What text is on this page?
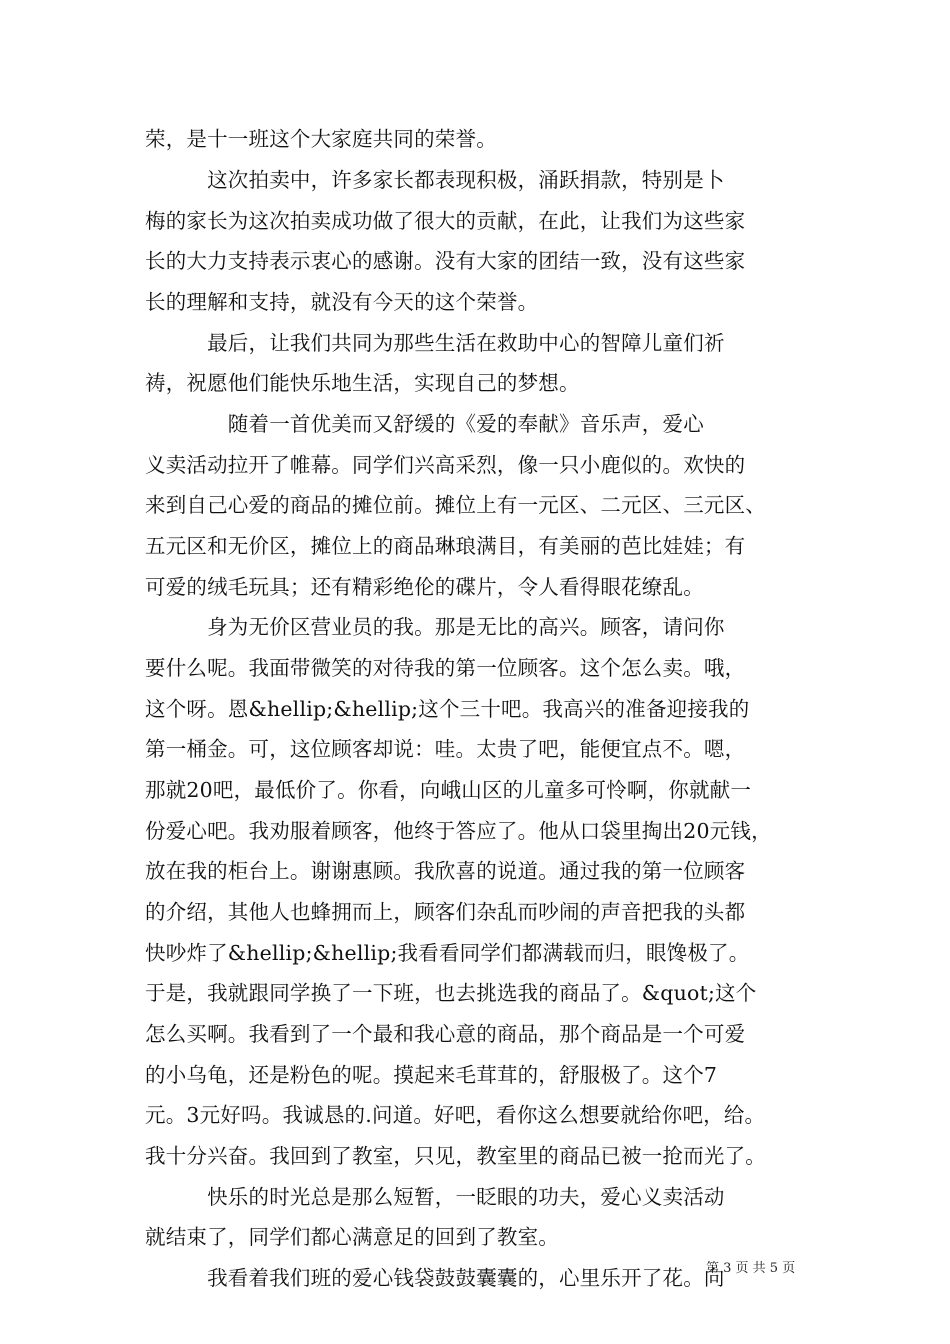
荣，是十一班这个大家庭共同的荣誉。
　　　这次拍卖中，许多家长都表现积极，涌跃捐款，特别是卜
梅的家长为这次拍卖成功做了很大的贡献，在此，让我们为这些家
长的大力支持表示衷心的感谢。没有大家的团结一致，没有这些家
长的理解和支持，就没有今天的这个荣誉。
　　　最后，让我们共同为那些生活在救助中心的智障儿童们祈
祷，祝愿他们能快乐地生活，实现自己的梦想。
　　　　随着一首优美而又舒缓的《爱的奉献》音乐声，爱心
义卖活动拉开了帷幕。同学们兴高采烈，像一只小鹿似的。欢快的
来到自己心爱的商品的摊位前。摊位上有一元区、二元区、三元区、
五元区和无价区，摊位上的商品琳琅满目，有美丽的芭比娃娃；有
可爱的绒毛玩具；还有精彩绝伦的碟片，令人看得眼花缭乱。
　　　身为无价区营业员的我。那是无比的高兴。顾客，请问你
要什么呢。我面带微笑的对待我的第一位顾客。这个怎么卖。哦，
这个呀。恩&hellip;&hellip;这个三十吧。我高兴的准备迎接我的
第一桶金。可，这位顾客却说：哇。太贵了吧，能便宜点不。嗯，
那就20吧，最低价了。你看，向峨山区的儿童多可怜啊，你就献一
份爱心吧。我劝服着顾客，他终于答应了。他从口袋里掏出20元钱，
放在我的柜台上。谢谢惠顾。我欣喜的说道。通过我的第一位顾客
的介绍，其他人也蜂拥而上，顾客们杂乱而吵闹的声音把我的头都
快吵炸了&hellip;&hellip;我看看同学们都满载而归，眼馋极了。
于是，我就跟同学换了一下班，也去挑选我的商品了。&quot;这个
怎么买啊。我看到了一个最和我心意的商品，那个商品是一个可爱
的小乌龟，还是粉色的呢。摸起来毛茸茸的，舒服极了。这个7
元。3元好吗。我诚恳的.问道。好吧，看你这么想要就给你吧，给。
我十分兴奋。我回到了教室，只见，教室里的商品已被一抢而光了。
　　　快乐的时光总是那么短暂，一眨眼的功夫，爱心义卖活动
就结束了，同学们都心满意足的回到了教室。
　　　我看着我们班的爱心钱袋鼓鼓囊囊的，心里乐开了花。向
第 3 页 共 5 页
